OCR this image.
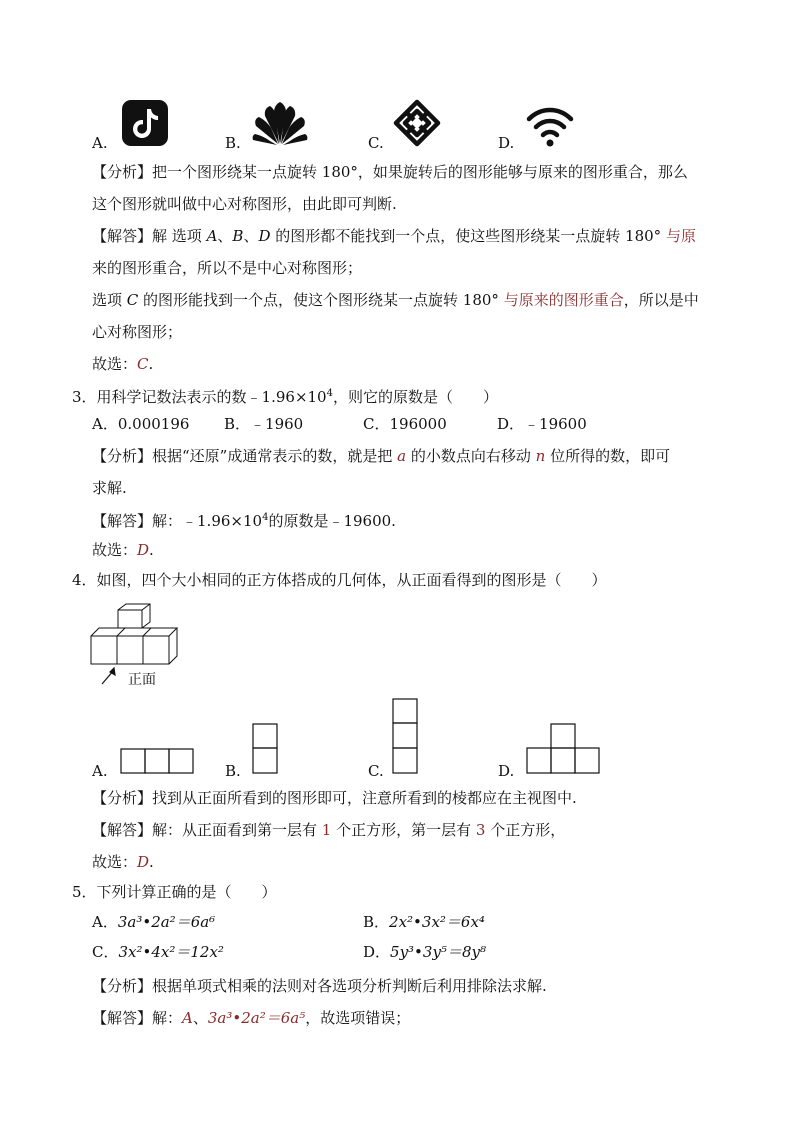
A.	B.	C.	D.
【分析】把一个图形绕某一点旋转 180°，如果旋转后的图形能够与原来的图形重合，那么
这个图形就叫做中心对称图形，由此即可判断.
【解答】解 选项 A、B、D 的图形都不能找到一个点，使这些图形绕某一点旋转 180° 与原
来的图形重合，所以不是中心对称图形；
选项 C 的图形能找到一个点，使这个图形绕某一点旋转 180° 与原来的图形重合，所以是中
心对称图形；
故选：C.
3．用科学记数法表示的数$﹣1.96\times 10^4$，则它的原数是（　　）
A．0.000196 B．﹣1960	C．196000	D．﹣19600
【分析】根据“还原”成通常表示的数，就是把 a 的小数点向右移动 n 位所得的数，即可
求解.
【解答】解：$﹣1.96\times 10^4$的原数是﹣19600.
故选：D.
4．如图，四个大小相同的正方体搭成的几何体，从正面看得到的图形是（　　）
正面
A.	B.	C.	D.
【分析】找到从正面所看到的图形即可，注意所看到的棱都应在主视图中.
【解答】解：从正面看到第一层有 1 个正方形，第一层有 3 个正方形，
故选：D.
5．下列计算正确的是（　　）
A．3a³•2a²＝6a⁶	B．2x²•3x²＝6x⁴
C．3x²•4x²＝12x²	D．5y³•3y⁵＝8y⁸
【分析】根据单项式相乘的法则对各选项分析判断后利用排除法求解.
【解答】解：A、3a³•2a²＝6a⁵，故选项错误；
